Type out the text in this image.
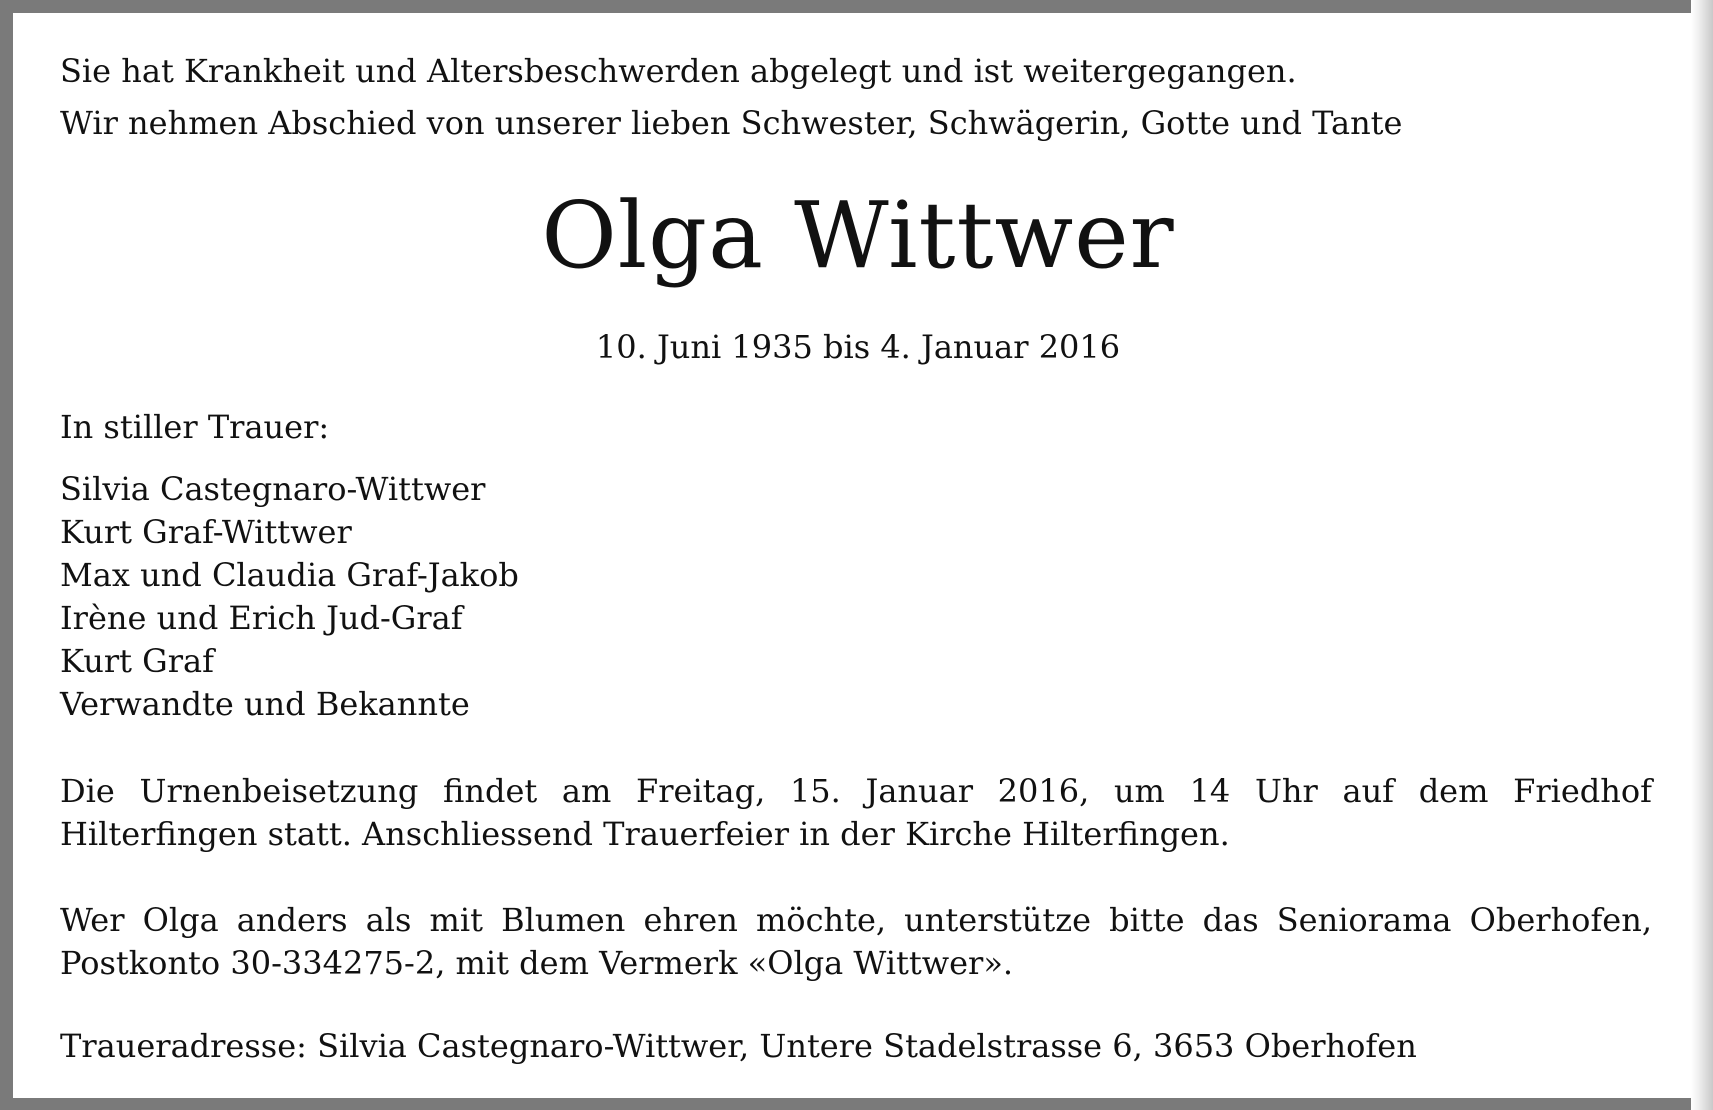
Sie hat Krankheit und Altersbeschwerden abgelegt und ist weitergegangen.
Wir nehmen Abschied von unserer lieben Schwester, Schwägerin, Gotte und Tante
Olga Wittwer
10. Juni 1935 bis 4. Januar 2016
In stiller Trauer:
Silvia Castegnaro-Wittwer
Kurt Graf-Wittwer
Max und Claudia Graf-Jakob
Irène und Erich Jud-Graf
Kurt Graf
Verwandte und Bekannte
Die Urnenbeisetzung findet am Freitag, 15. Januar 2016, um 14 Uhr auf dem Friedhof Hilterfingen statt. Anschliessend Trauerfeier in der Kirche Hilterfingen.
Wer Olga anders als mit Blumen ehren möchte, unterstütze bitte das Seniorama Oberhofen, Postkonto 30-334275-2, mit dem Vermerk «Olga Wittwer».
Traueradresse: Silvia Castegnaro-Wittwer, Untere Stadelstrasse 6, 3653 Oberhofen
